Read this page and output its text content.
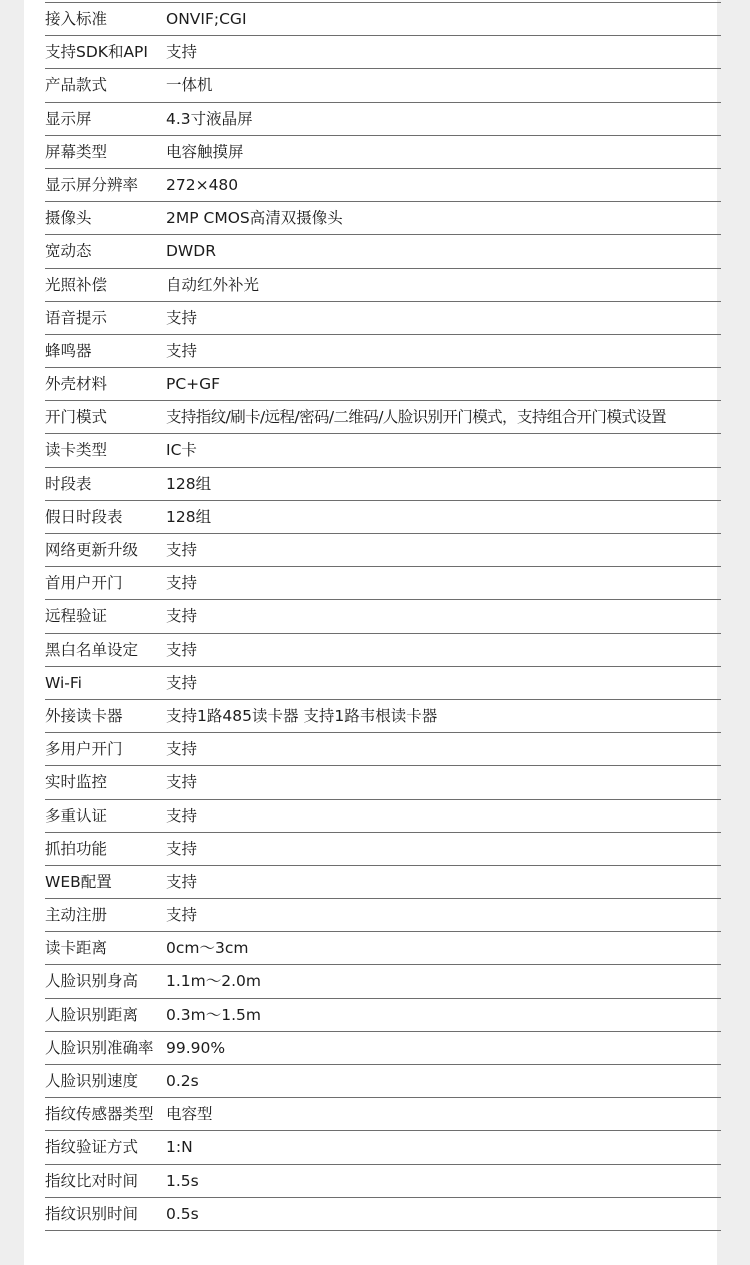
接入标准	ONVIF;CGI
支持SDK和API 支持
产品款式	一体机
显示屏	4.3寸液晶屏
屏幕类型	电容触摸屏
显示屏分辨率 272×480
摄像头	2MP CMOS高清双摄像头
宽动态	DWDR
光照补偿	自动红外补光
语音提示	支持
蜂鸣器	支持
外壳材料	PC+GF
开门模式	支持指纹/刷卡/远程/密码/二维码/人脸识别开门模式，支持组合开门模式设置
读卡类型	IC卡
时段表	128组
假日时段表	128组
网络更新升级 支持
首用户开门	支持
远程验证	支持
黑白名单设定 支持
Wi-Fi	支持
外接读卡器	支持1路485读卡器 支持1路韦根读卡器
多用户开门	支持
实时监控	支持
多重认证	支持
抓拍功能	支持
WEB配置	支持
主动注册	支持
读卡距离	0cm～3cm
人脸识别身高 1.1m～2.0m
人脸识别距离 0.3m～1.5m
人脸识别准确率 99.90%
人脸识别速度 0.2s
指纹传感器类型 电容型
指纹验证方式 1:N
指纹比对时间 1.5s
指纹识别时间 0.5s
